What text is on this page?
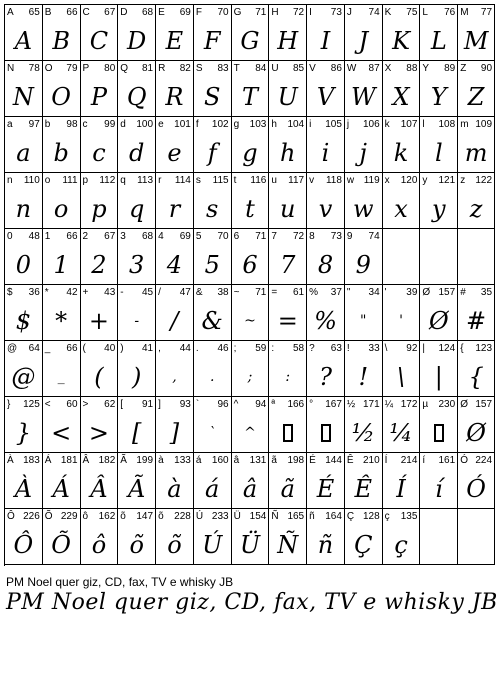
A 65
A
B 66
B
C 67
C
D 68
D
E 69
E
F 70
F
G 71
G
H 72
H
I 73
I
J 74
J
K 75
K
L 76
L
M 77
M
N 78
N
O 79
O
P 80
P
Q 81
Q
R 82
R
S 83
S
T 84
T
U 85
U
V 86
V
W 87
W
X 88
X
Y 89
Y
Z 90
Z
a 97
a
b 98
b
c 99
c
d 100
d
e 101
e
f 102
f
g 103
g
h 104
h
i 105
i
j 106
j
k 107
k
l 108
l
m 109
m
n 110
n
o 111
o
p 112
p
q 113
q
r 114
r
s 115
s
t 116
t
u 117
u
v 118
v
w 119
w
x 120
x
y 121
y
z 122
z
0 48
0
1 66
1
2 67
2
3 68
3
4 69
4
5 70
5
6 71
6
7 72
7
8 73
8
9 74
9
$ 36
$
* 42
*
+ 43
+
- 45
-
/ 47
/
& 38
&
~ 71
~
= 61
=
% 37
%
" 34
"
' 39
'
Ø 157
Ø
# 35
#
@ 64
@
_ 66
_
( 40
(
) 41
)
, 44
,
. 46
.
; 59
;
: 58
:
? 63
?
! 33
!
\ 92
\
| 124
|
{ 123
{
} 125
}
< 60
<
> 62
>
[ 91
[
] 93
]
` 96
`
^ 94
^
ª 166 ° 167 ½ 171
½
¼ 172
¼
µ 230 Ø 157
Ø
À 183
À
Á 181
Á
Â 182
Â
Ã 199
Ã
à 133
à
á 160
á
â 131
â
ã 198
ã
É 144
É
Ê 210
Ê
Í 214
Í
í 161
í
Ó 224
Ó
Ô 226
Ô
Õ 229
Õ
ô 162
ô
õ 147
õ
õ 228
õ
Ú 233
Ú
Ü 154
Ü
Ñ 165
Ñ
ñ 164
ñ
Ç 128
Ç
ç 135
ç
PM Noel quer giz, CD, fax, TV e whisky JB
PM Noel quer giz, CD, fax, TV e whisky JB
